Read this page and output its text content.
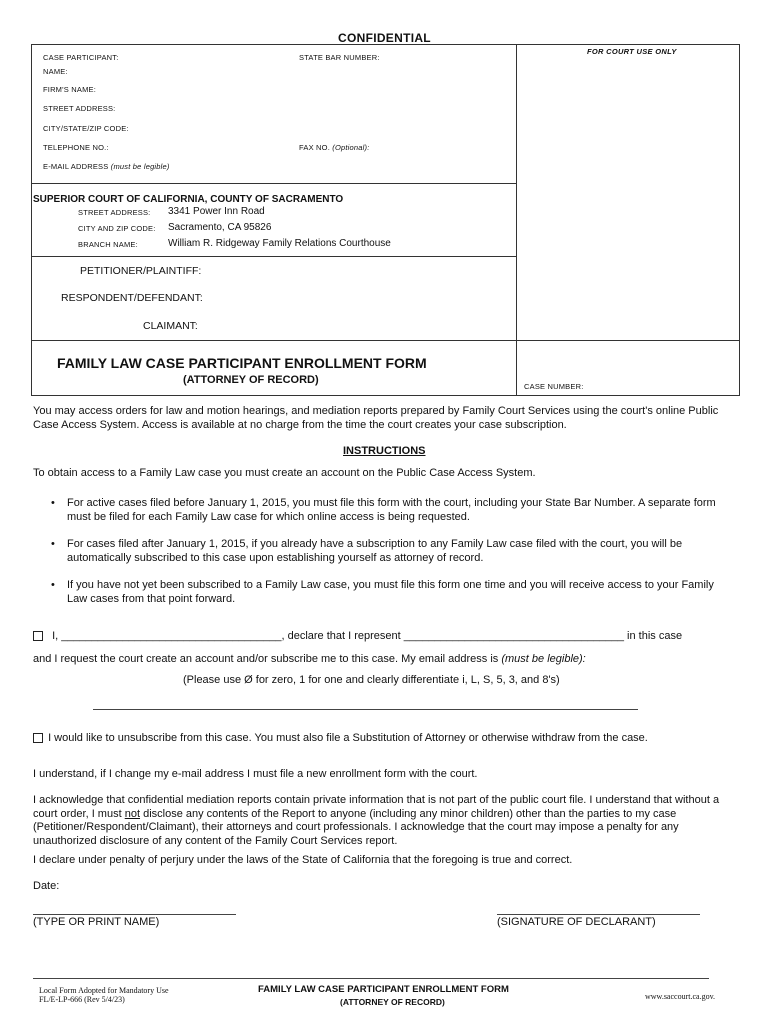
CONFIDENTIAL
FOR COURT USE ONLY
CASE PARTICIPANT:	STATE BAR NUMBER:
NAME:
FIRM'S NAME:
STREET ADDRESS:
CITY/STATE/ZIP CODE:
TELEPHONE NO.:	FAX NO. (Optional):
E-MAIL ADDRESS (must be legible)
SUPERIOR COURT OF CALIFORNIA, COUNTY OF SACRAMENTO
STREET ADDRESS: 3341 Power Inn Road
CITY AND ZIP CODE: Sacramento, CA 95826
BRANCH NAME:	William R. Ridgeway Family Relations Courthouse
PETITIONER/PLAINTIFF:
RESPONDENT/DEFENDANT:
CLAIMANT:
FAMILY LAW CASE PARTICIPANT ENROLLMENT FORM
(ATTORNEY OF RECORD)
CASE NUMBER:
You may access orders for law and motion hearings, and mediation reports prepared by Family Court Services using the court's online Public Case Access System. Access is available at no charge from the time the court creates your case subscription.
INSTRUCTIONS
To obtain access to a Family Law case you must create an account on the Public Case Access System.
• For active cases filed before January 1, 2015, you must file this form with the court, including your State Bar Number. A separate form must be filed for each Family Law case for which online access is being requested.
• For cases filed after January 1, 2015, if you already have a subscription to any Family Law case filed with the court, you will be automatically subscribed to this case upon establishing yourself as attorney of record.
• If you have not yet been subscribed to a Family Law case, you must file this form one time and you will receive access to your Family Law cases from that point forward.
I, ____________________________________, declare that I represent ____________________________________ in this case
and I request the court create an account and/or subscribe me to this case. My email address is (must be legible):
(Please use Ø for zero, 1 for one and clearly differentiate i, L, S, 5, 3, and 8's)
I would like to unsubscribe from this case. You must also file a Substitution of Attorney or otherwise withdraw from the case.
I understand, if I change my e-mail address I must file a new enrollment form with the court.
I acknowledge that confidential mediation reports contain private information that is not part of the public court file. I understand that without a court order, I must not disclose any contents of the Report to anyone (including any minor children) other than the parties to my case (Petitioner/Respondent/Claimant), their attorneys and court professionals. I acknowledge that the court may impose a penalty for any unauthorized disclosure of any content of the Family Court Services report.
I declare under penalty of perjury under the laws of the State of California that the foregoing is true and correct.
Date:
(TYPE OR PRINT NAME)	(SIGNATURE OF DECLARANT)
Local Form Adopted for Mandatory Use
FL/E-LP-666 (Rev 5/4/23)
FAMILY LAW CASE PARTICIPANT ENROLLMENT FORM
(ATTORNEY OF RECORD)
www.saccourt.ca.gov.
